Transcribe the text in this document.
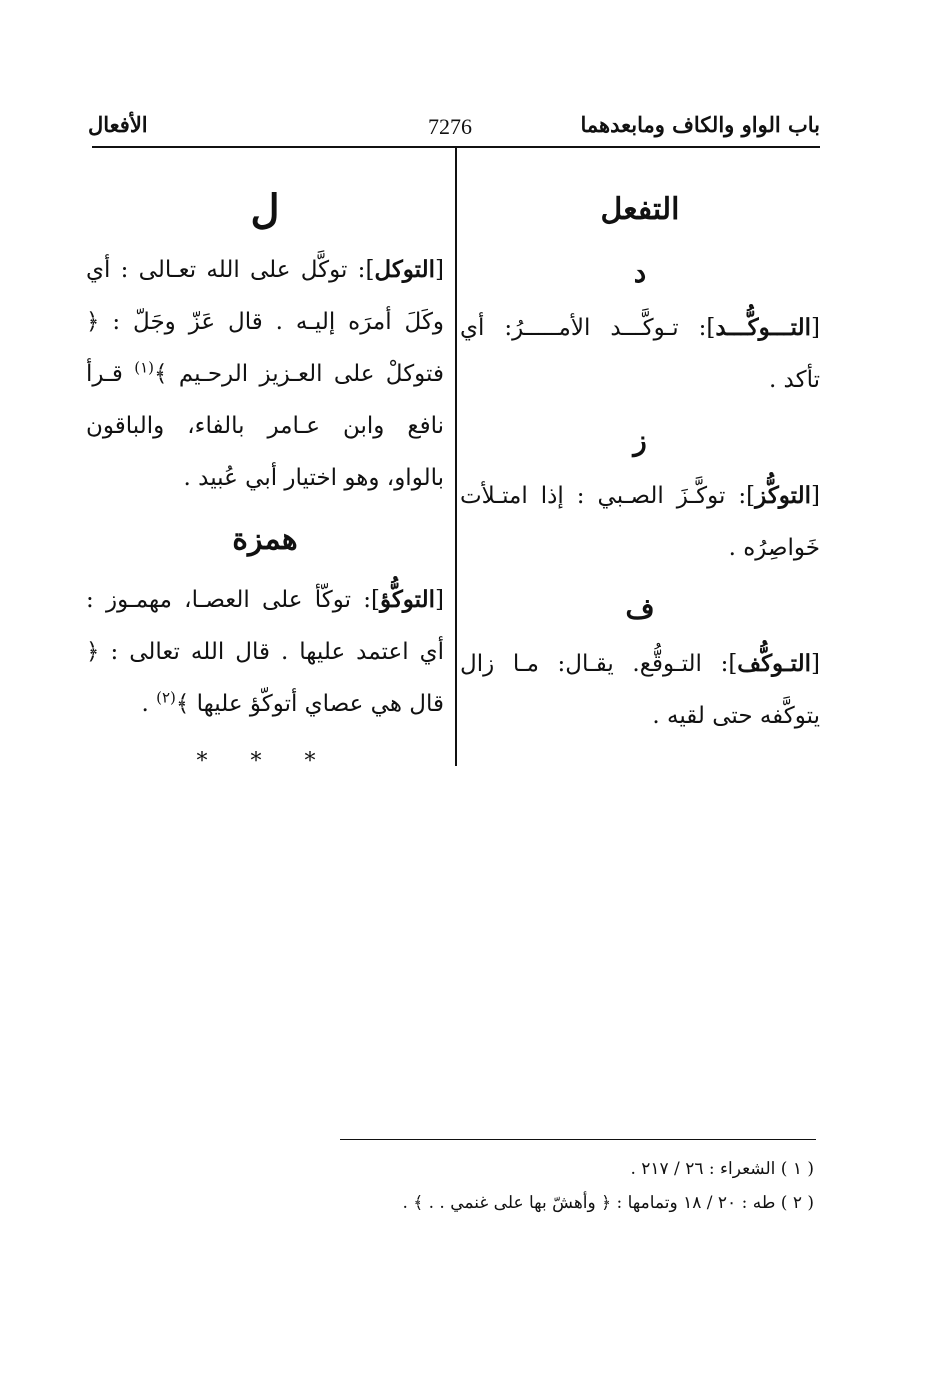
باب الواو والكاف ومابعدهما
7276
الأفعال
التفعل
د
[التـــوكُّـــد]: تـوكَّـــد الأمـــــرُ: أي تأكد .
ز
[التوكُّز]: توكَّـزَ الصـبي : إذا امتـلأت خَواصِرُه .
ف
[التـوكُّف]: التـوقُّع. يقـال: مـا زال يتوكَّفه حتى لقيه .
ل
[التوكل]: توكَّل على الله تعـالى : أي وكَلَ أمرَه إليـه . قال عَزّ وجَلّ : ﴿ فتوكلْ على العـزيز الرحـيم ﴾$^{(١)}$ قـرأ نافع وابن عـامر بالفاء، والباقون بالواو، وهو اختيار أبي عُبيد .
همزة
[التوكُّؤ]: توكّأ على العصـا، مهمـوز : أي اعتمد عليها . قال الله تعالى : ﴿ قال هي عصاي أتوكّؤ عليها ﴾$^{(٢)}$ .
* * *
( ١ ) الشعراء : ٢٦ / ٢١٧ .
( ٢ ) طه : ٢٠ / ١٨ وتمامها : ﴿ وأهشّ بها على غنمي . . ﴾ .
